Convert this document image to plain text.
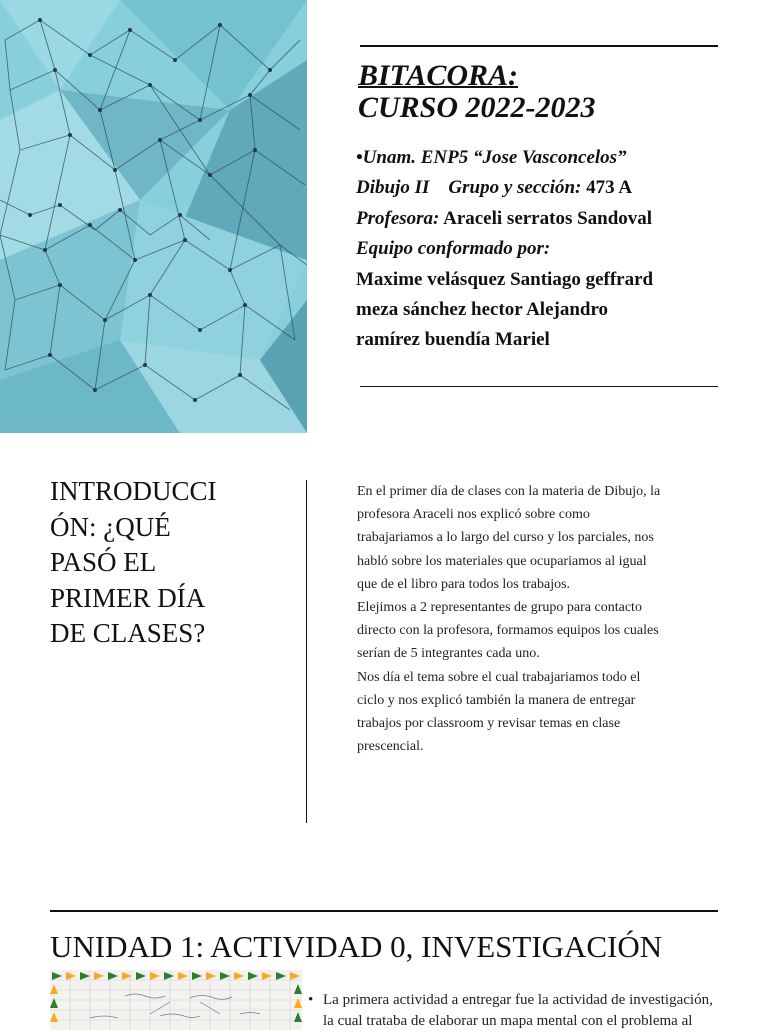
BITACORA:
CURSO 2022-2023
•Unam. ENP5 “Jose Vasconcelos”
Dibujo II Grupo y sección: 473 A
Profesora: Araceli serratos Sandoval
Equipo conformado por:
Maxime velásquez Santiago geffrard
meza sánchez hector Alejandro
ramírez buendía Mariel
INTRODUCCI
ÓN: ¿QUÉ
PASÓ EL
PRIMER DÍA
DE CLASES?
En el primer día de clases con la materia de Dibujo, la
profesora Araceli nos explicó sobre como
trabajariamos a lo largo del curso y los parciales, nos
habló sobre los materiales que ocupariamos al igual
que de el libro para todos los trabajos.
Elejimos a 2 representantes de grupo para contacto
directo con la profesora, formamos equipos los cuales
serían de 5 integrantes cada uno.
Nos día el tema sobre el cual trabajariamos todo el
ciclo y nos explicó también la manera de entregar
trabajos por classroom y revisar temas en clase
prescencial.
UNIDAD 1: ACTIVIDAD 0, INVESTIGACIÓN
• La primera actividad a entregar fue la actividad de investigación,
la cual trataba de elaborar un mapa mental con el problema al
